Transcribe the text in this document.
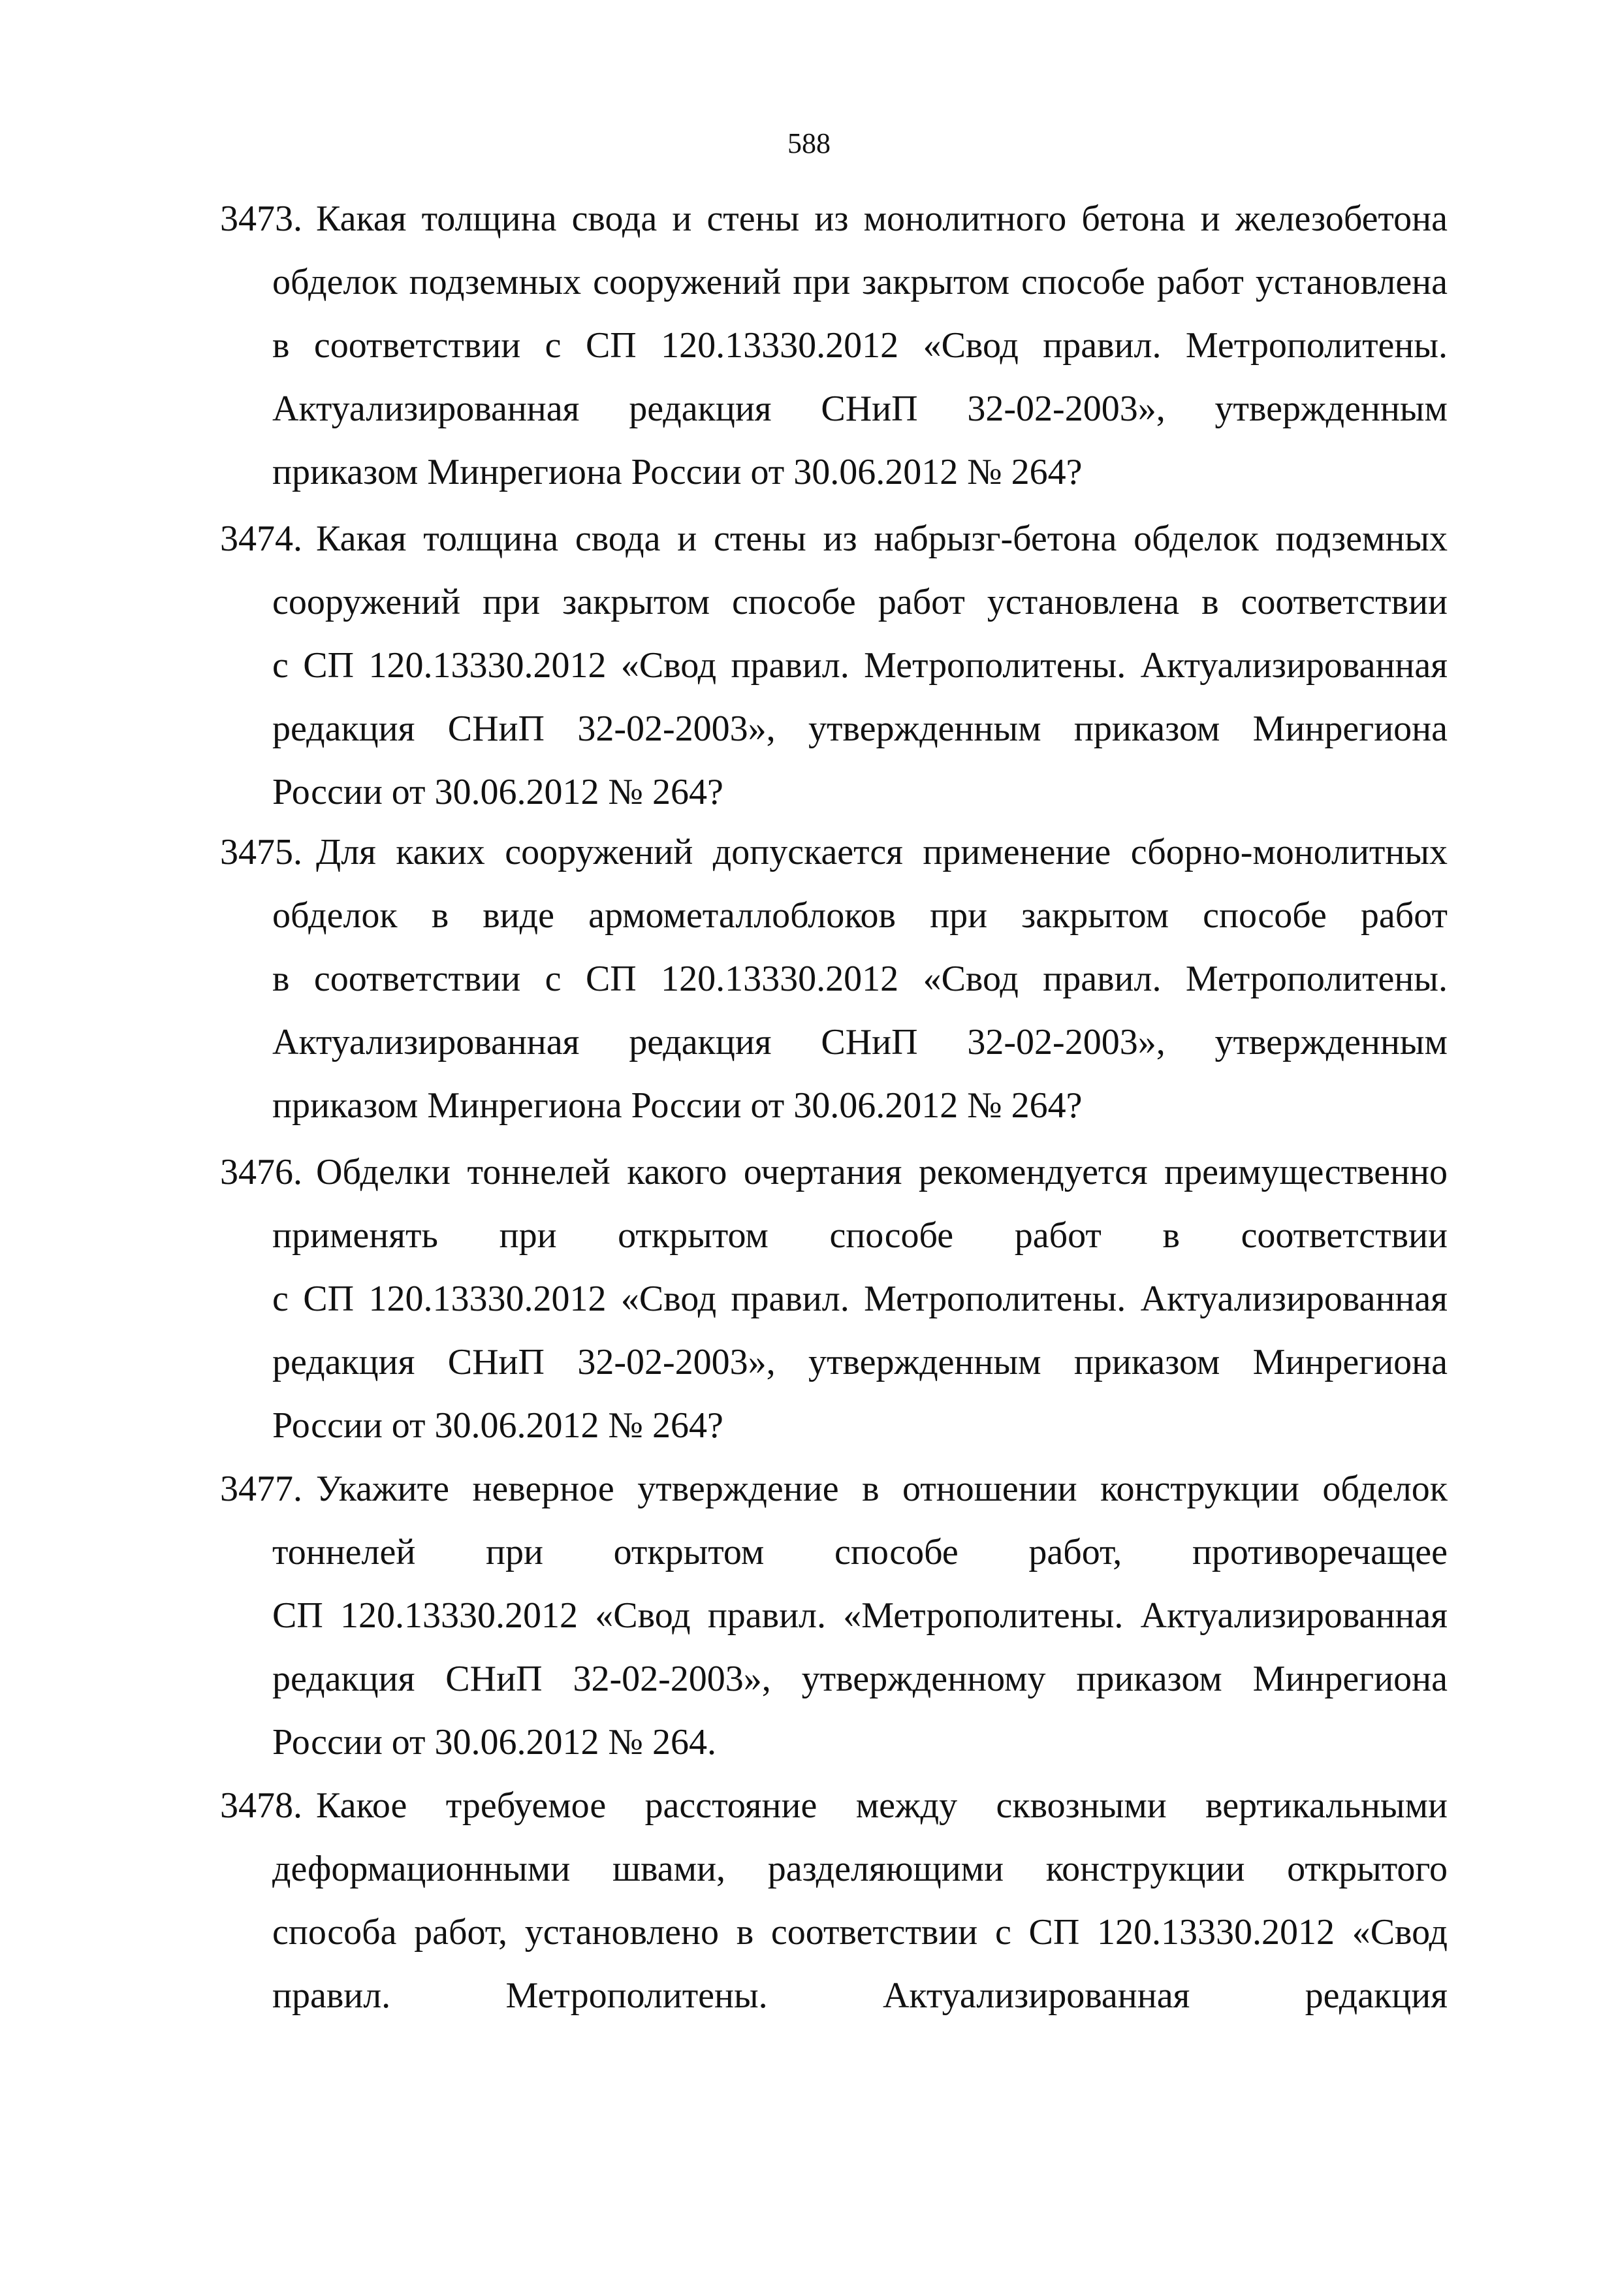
588
3473. Какая толщина свода и стены из монолитного бетона и железобетона
обделок подземных сооружений при закрытом способе работ установлена
в соответствии с СП 120.13330.2012 «Свод правил. Метрополитены.
Актуализированная редакция СНиП 32-02-2003», утвержденным
приказом Минрегиона России от 30.06.2012 № 264?
3474. Какая толщина свода и стены из набрызг-бетона обделок подземных
сооружений при закрытом способе работ установлена в соответствии
с СП 120.13330.2012 «Свод правил. Метрополитены. Актуализированная
редакция СНиП 32-02-2003», утвержденным приказом Минрегиона
России от 30.06.2012 № 264?
3475. Для каких сооружений допускается применение сборно-монолитных
обделок в виде армометаллоблоков при закрытом способе работ
в соответствии с СП 120.13330.2012 «Свод правил. Метрополитены.
Актуализированная редакция СНиП 32-02-2003», утвержденным
приказом Минрегиона России от 30.06.2012 № 264?
3476. Обделки тоннелей какого очертания рекомендуется преимущественно
применять при открытом способе работ в соответствии
с СП 120.13330.2012 «Свод правил. Метрополитены. Актуализированная
редакция СНиП 32-02-2003», утвержденным приказом Минрегиона
России от 30.06.2012 № 264?
3477. Укажите неверное утверждение в отношении конструкции обделок
тоннелей при открытом способе работ, противоречащее
СП 120.13330.2012 «Свод правил. «Метрополитены. Актуализированная
редакция СНиП 32-02-2003», утвержденному приказом Минрегиона
России от 30.06.2012 № 264.
3478. Какое требуемое расстояние между сквозными вертикальными
деформационными швами, разделяющими конструкции открытого
способа работ, установлено в соответствии с СП 120.13330.2012 «Свод
правил. Метрополитены. Актуализированная редакция
